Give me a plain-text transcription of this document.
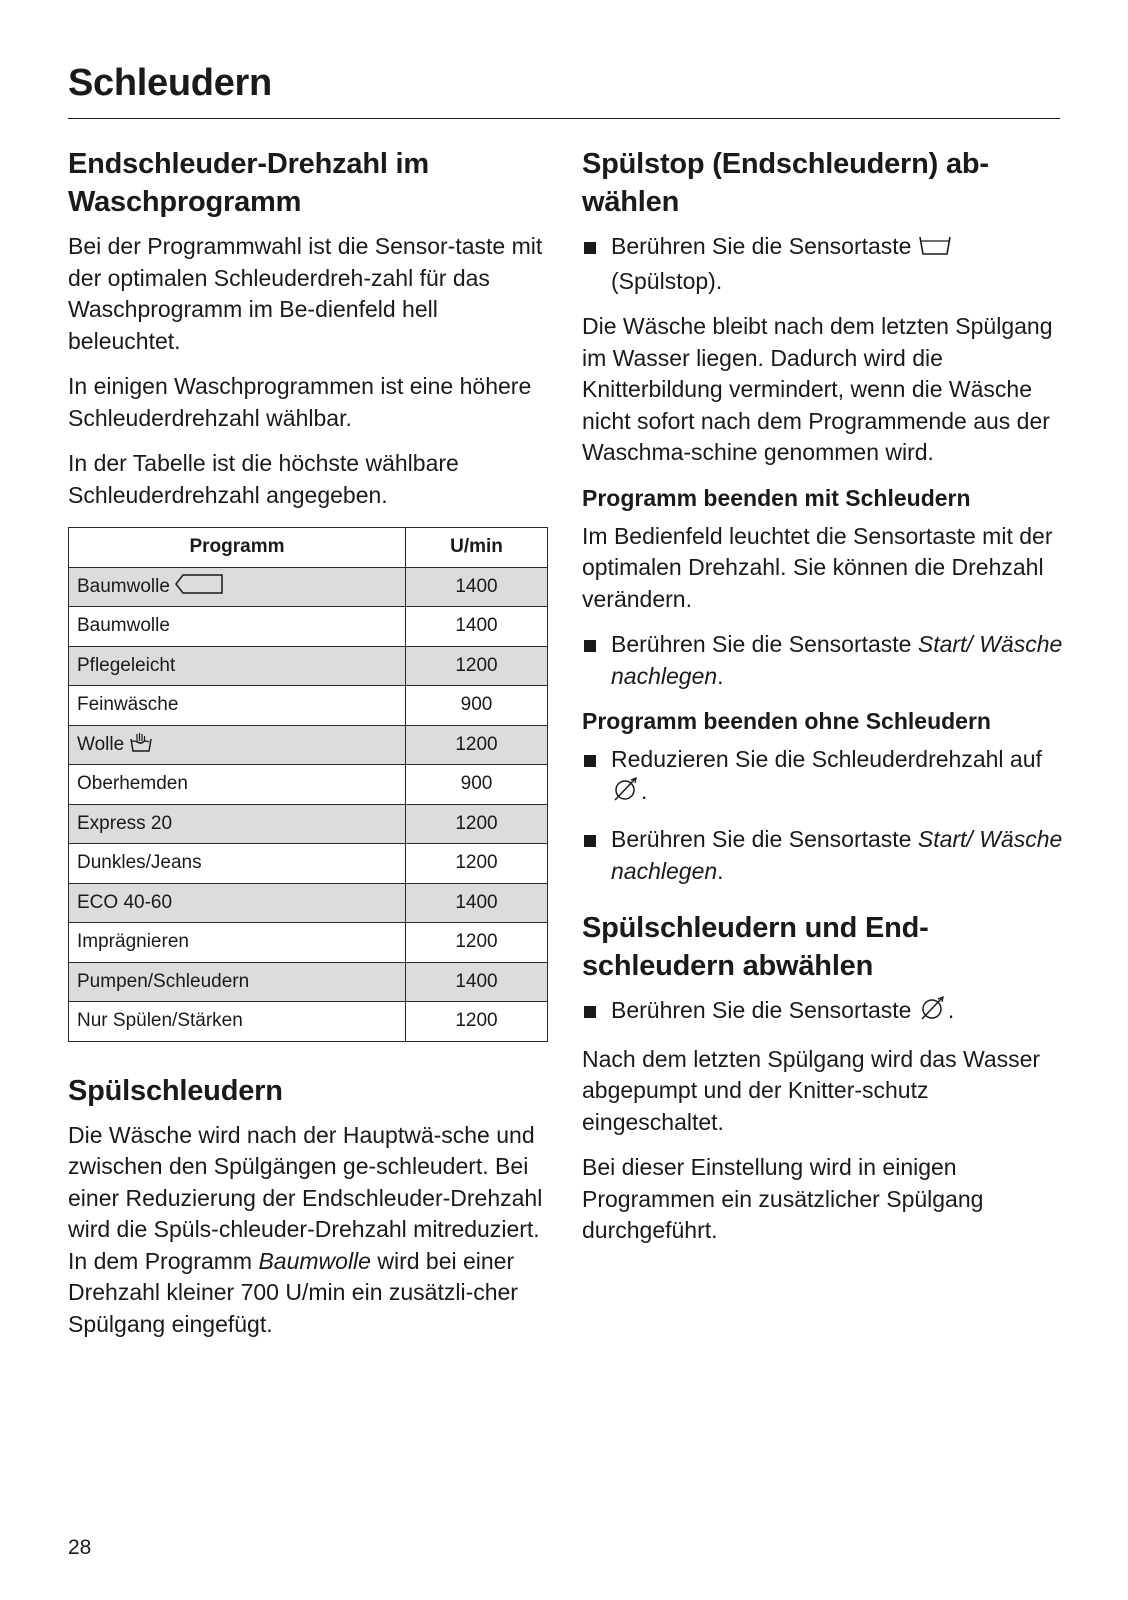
Schleudern
Endschleuder-Drehzahl im
Waschprogramm

Bei der Programmwahl ist die Sensor-taste mit der optimalen Schleuderdreh-zahl für das Waschprogramm im Be-dienfeld hell beleuchtet.

In einigen Waschprogrammen ist eine höhere Schleuderdrehzahl wählbar.

In der Tabelle ist die höchste wählbare Schleuderdrehzahl angegeben.

Programm	U/min
Baumwolle	1400
Baumwolle	1400
Pflegeleicht	1200
Feinwäsche	900
Wolle	1200
Oberhemden	900
Express 20	1200
Dunkles/Jeans	1200
ECO 40-60	1400
Imprägnieren	1200
Pumpen/Schleudern	1400
Nur Spülen/Stärken	1200
Spülschleudern

Die Wäsche wird nach der Hauptwä-sche und zwischen den Spülgängen ge-schleudert. Bei einer Reduzierung der Endschleuder-Drehzahl wird die Spüls-chleuder-Drehzahl mitreduziert. In dem Programm Baumwolle wird bei einer Drehzahl kleiner 700 U/min ein zusätzli-cher Spülgang eingefügt.

Spülstop (Endschleudern) ab-
wählen
Berühren Sie die Sensortaste
(Spülstop).

Die Wäsche bleibt nach dem letzten Spülgang im Wasser liegen. Dadurch wird die Knitterbildung vermindert, wenn die Wäsche nicht sofort nach dem Programmende aus der Waschma-schine genommen wird.

Programm beenden mit Schleudern

Im Bedienfeld leuchtet die Sensortaste mit der optimalen Drehzahl. Sie können die Drehzahl verändern.

Berühren Sie die Sensortaste Start/ Wäsche nachlegen.
Programm beenden ohne Schleudern
Reduzieren Sie die Schleuderdrehzahl auf .
Berühren Sie die Sensortaste Start/ Wäsche nachlegen.
Spülschleudern und End-
schleudern abwählen
Berühren Sie die Sensortaste .

Nach dem letzten Spülgang wird das Wasser abgepumpt und der Knitter-schutz eingeschaltet.

Bei dieser Einstellung wird in einigen Programmen ein zusätzlicher Spülgang durchgeführt.

28
